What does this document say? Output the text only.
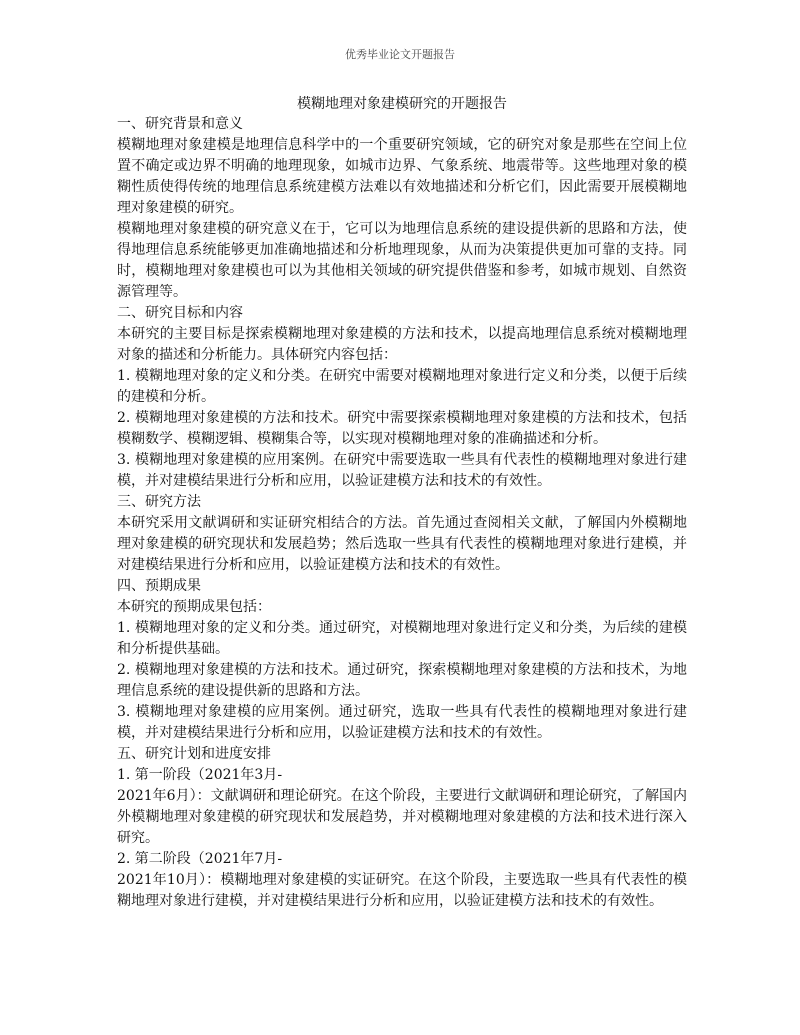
优秀毕业论文开题报告
模糊地理对象建模研究的开题报告
一、研究背景和意义
模糊地理对象建模是地理信息科学中的一个重要研究领域，它的研究对象是那些在空间上位置不确定或边界不明确的地理现象，如城市边界、气象系统、地震带等。这些地理对象的模糊性质使得传统的地理信息系统建模方法难以有效地描述和分析它们，因此需要开展模糊地理对象建模的研究。
模糊地理对象建模的研究意义在于，它可以为地理信息系统的建设提供新的思路和方法，使得地理信息系统能够更加准确地描述和分析地理现象，从而为决策提供更加可靠的支持。同时，模糊地理对象建模也可以为其他相关领域的研究提供借鉴和参考，如城市规划、自然资源管理等。
二、研究目标和内容
本研究的主要目标是探索模糊地理对象建模的方法和技术，以提高地理信息系统对模糊地理对象的描述和分析能力。具体研究内容包括：
1. 模糊地理对象的定义和分类。在研究中需要对模糊地理对象进行定义和分类，以便于后续的建模和分析。
2. 模糊地理对象建模的方法和技术。研究中需要探索模糊地理对象建模的方法和技术，包括模糊数学、模糊逻辑、模糊集合等，以实现对模糊地理对象的准确描述和分析。
3. 模糊地理对象建模的应用案例。在研究中需要选取一些具有代表性的模糊地理对象进行建模，并对建模结果进行分析和应用，以验证建模方法和技术的有效性。
三、研究方法
本研究采用文献调研和实证研究相结合的方法。首先通过查阅相关文献，了解国内外模糊地理对象建模的研究现状和发展趋势；然后选取一些具有代表性的模糊地理对象进行建模，并对建模结果进行分析和应用，以验证建模方法和技术的有效性。
四、预期成果
本研究的预期成果包括：
1. 模糊地理对象的定义和分类。通过研究，对模糊地理对象进行定义和分类，为后续的建模和分析提供基础。
2. 模糊地理对象建模的方法和技术。通过研究，探索模糊地理对象建模的方法和技术，为地理信息系统的建设提供新的思路和方法。
3. 模糊地理对象建模的应用案例。通过研究，选取一些具有代表性的模糊地理对象进行建模，并对建模结果进行分析和应用，以验证建模方法和技术的有效性。
五、研究计划和进度安排
1. 第一阶段（2021年3月-
2021年6月）：文献调研和理论研究。在这个阶段，主要进行文献调研和理论研究，了解国内外模糊地理对象建模的研究现状和发展趋势，并对模糊地理对象建模的方法和技术进行深入研究。
2. 第二阶段（2021年7月-
2021年10月）：模糊地理对象建模的实证研究。在这个阶段，主要选取一些具有代表性的模糊地理对象进行建模，并对建模结果进行分析和应用，以验证建模方法和技术的有效性。
